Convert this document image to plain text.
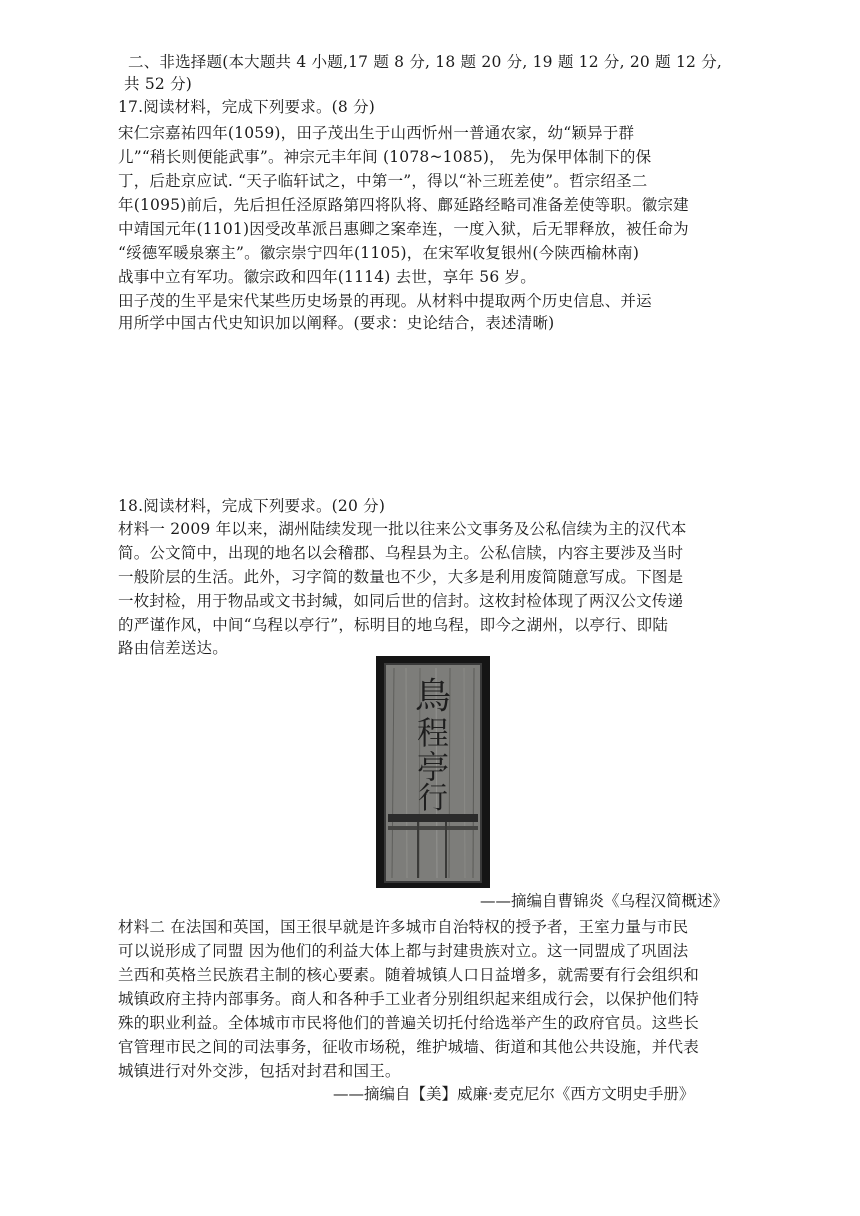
二、非选择题(本大题共 4 小题,17 题 8 分, 18 题 20 分, 19 题 12 分, 20 题 12 分,
共 52 分)
17.阅读材料，完成下列要求。(8 分)
宋仁宗嘉祐四年(1059)，田子茂出生于山西忻州一普通农家，幼“颖异于群
儿”“稍长则便能武事”。神宗元丰年间 (1078~1085)， 先为保甲体制下的保
丁，后赴京应试. “天子临轩试之，中第一”，得以“补三班差使”。哲宗绍圣二
年(1095)前后，先后担任泾原路第四将队将、鄜延路经略司准备差使等职。徽宗建
中靖国元年(1101)因受改革派吕惠卿之案牵连，一度入狱，后无罪释放，被任命为
“绥德军暖泉寨主”。徽宗崇宁四年(1105)，在宋军收复银州(今陕西榆林南)
战事中立有军功。徽宗政和四年(1114) 去世，享年 56 岁。
田子茂的生平是宋代某些历史场景的再现。从材料中提取两个历史信息、并运
用所学中国古代史知识加以阐释。(要求：史论结合，表述清晰)
18.阅读材料，完成下列要求。(20 分)
材料一 2009 年以来，湖州陆续发现一批以往来公文事务及公私信续为主的汉代本
简。公文简中，出现的地名以会稽郡、乌程县为主。公私信牍，内容主要涉及当时
一般阶层的生活。此外，习字简的数量也不少，大多是利用废简随意写成。下图是
一枚封检，用于物品或文书封缄，如同后世的信封。这枚封检体现了两汉公文传递
的严谨作风，中间“乌程以亭行”，标明目的地乌程，即今之湖州，以亭行、即陆
路由信差送达。
鳥
程
亭
行
——摘编自曹锦炎《乌程汉简概述》
材料二 在法国和英国，国王很早就是许多城市自治特权的授予者，王室力量与市民
可以说形成了同盟 因为他们的利益大体上都与封建贵族对立。这一同盟成了巩固法
兰西和英格兰民族君主制的核心要素。随着城镇人口日益增多，就需要有行会组织和
城镇政府主持内部事务。商人和各种手工业者分别组织起来组成行会，以保护他们特
殊的职业利益。全体城市市民将他们的普遍关切托付给选举产生的政府官员。这些长
官管理市民之间的司法事务，征收市场税，维护城墙、街道和其他公共设施，并代表
城镇进行对外交涉，包括对封君和国王。
——摘编自【美】威廉·麦克尼尔《西方文明史手册》
